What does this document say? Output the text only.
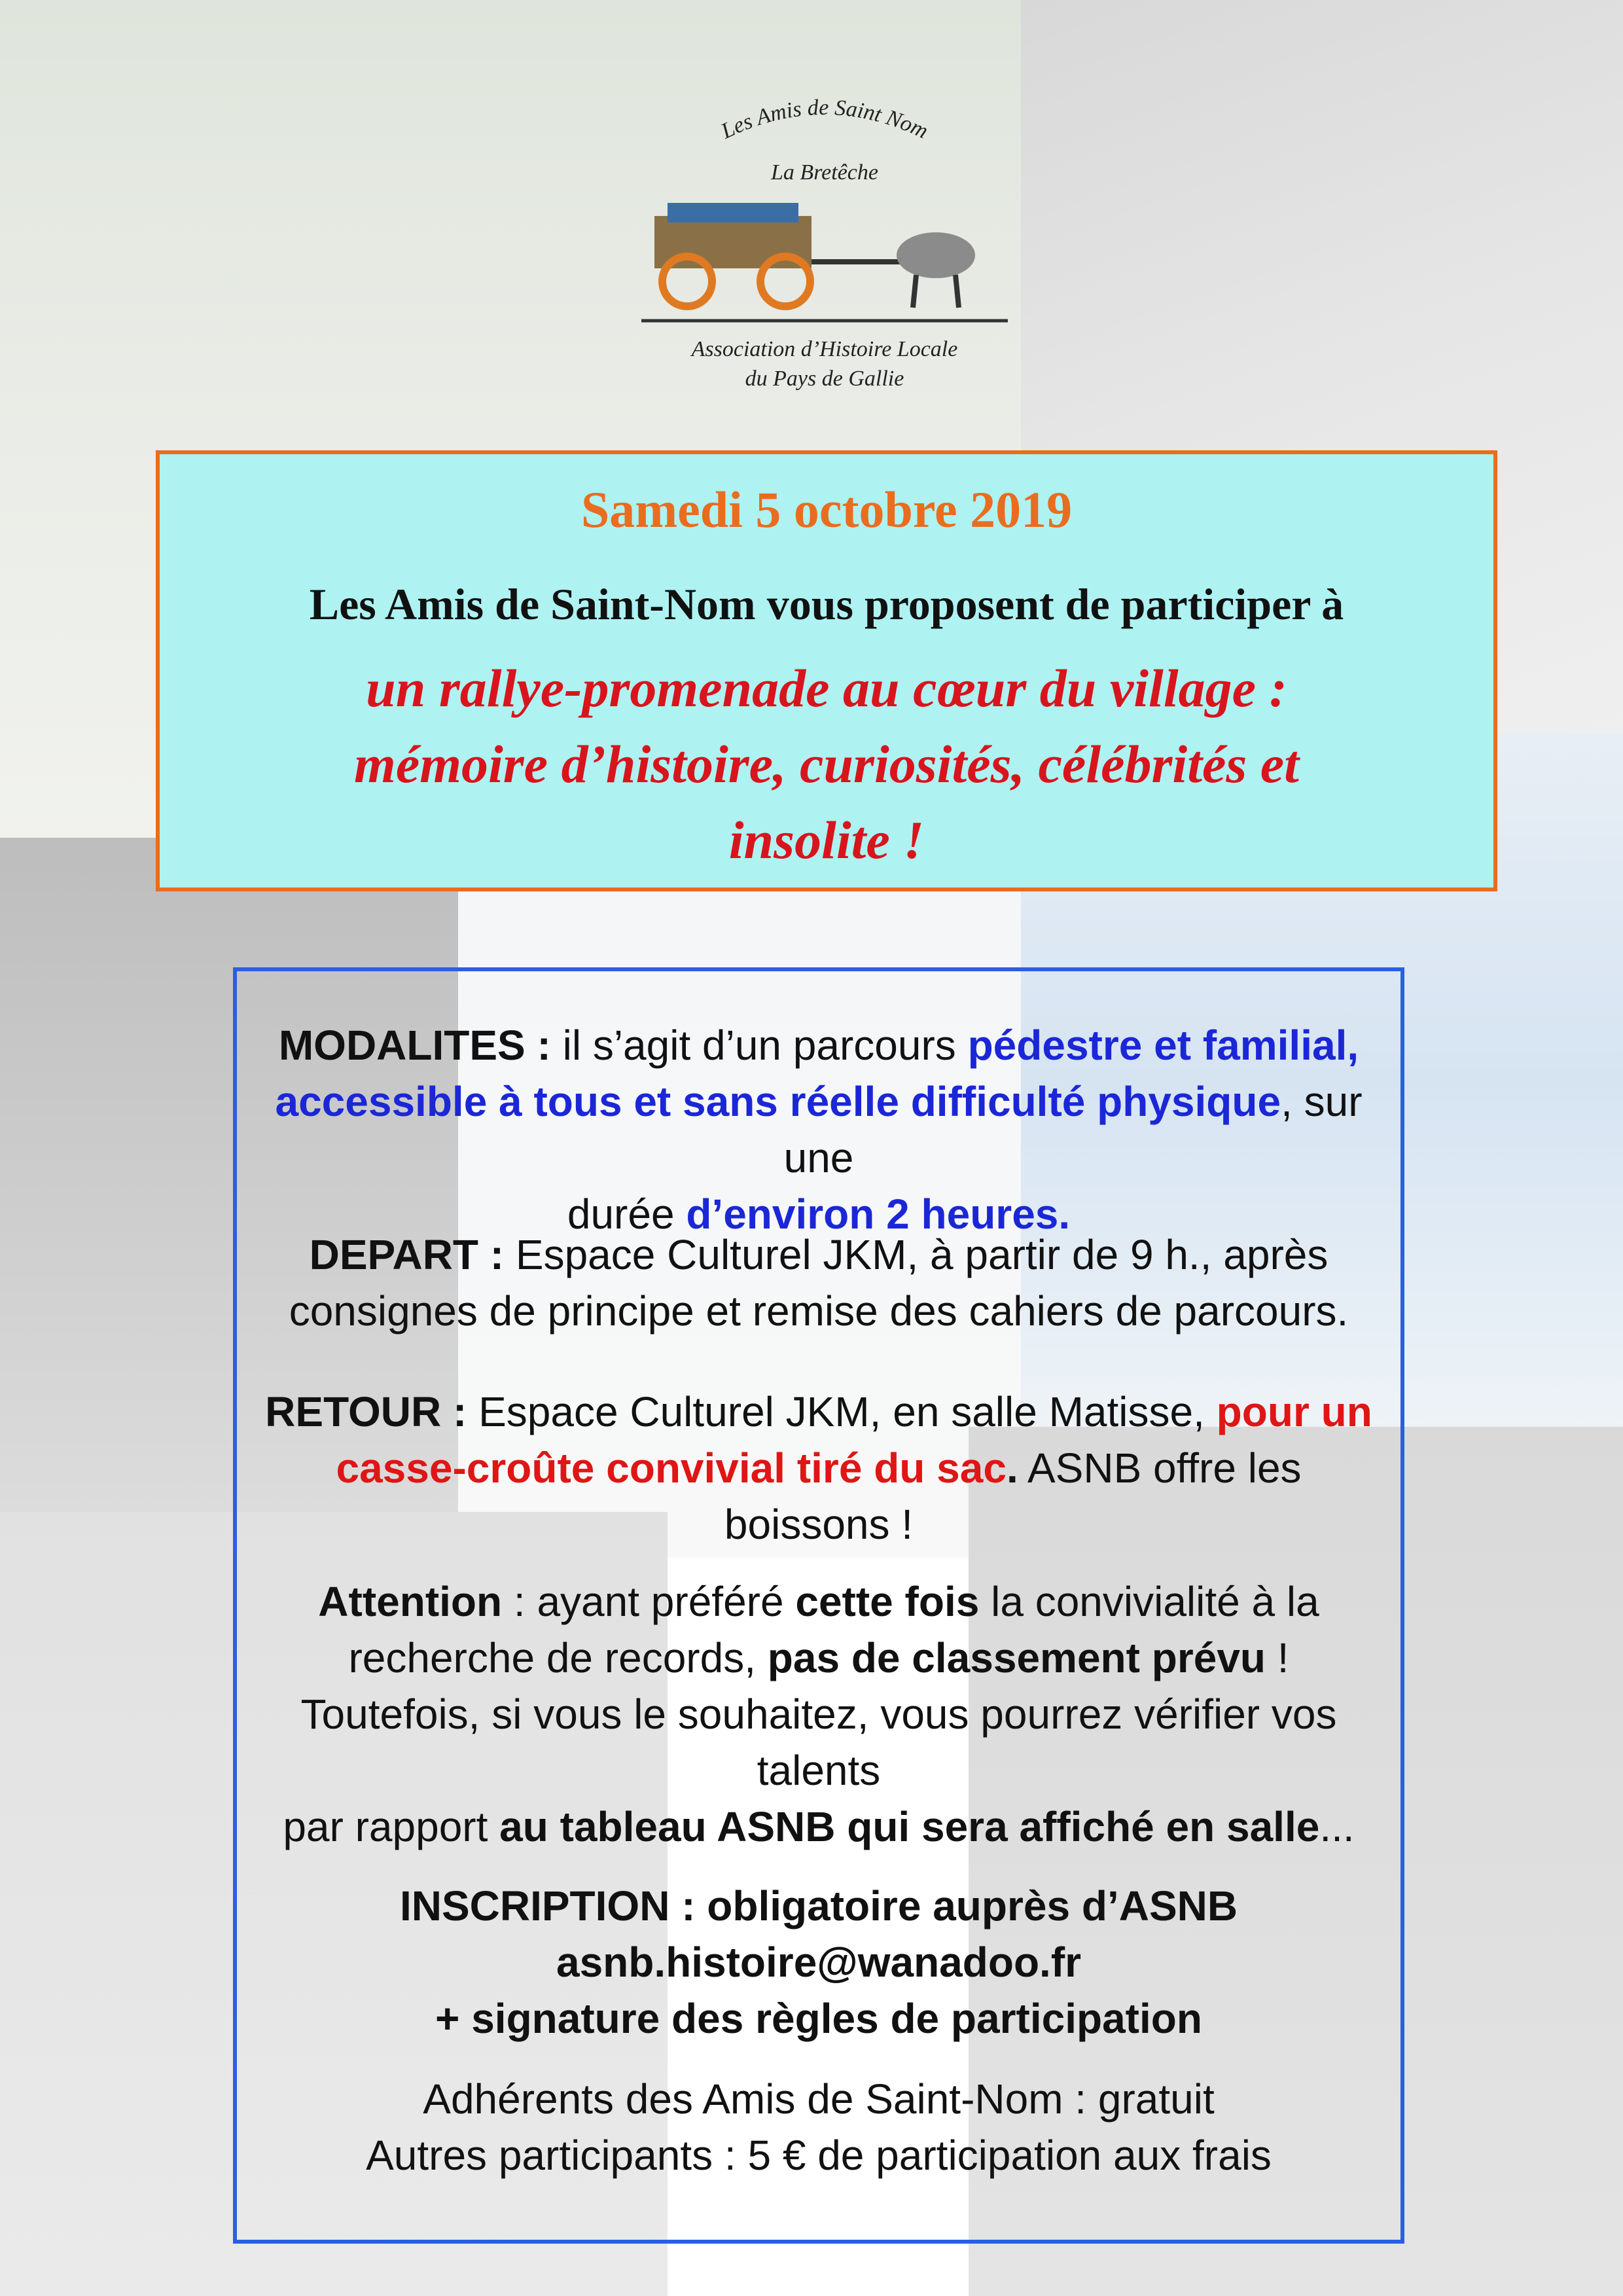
Les Amis de Saint Nom
La Bretêche
Association d’Histoire Locale
du Pays de Gallie
Samedi 5 octobre 2019
Les Amis de Saint-Nom vous proposent de participer à
un rallye-promenade au cœur du village :
mémoire d’histoire, curiosités, célébrités et
insolite !
MODALITES : il s’agit d’un parcours pédestre et familial,
accessible à tous et sans réelle difficulté physique, sur une
durée d’environ 2 heures.
DEPART : Espace Culturel JKM, à partir de 9 h., après
consignes de principe et remise des cahiers de parcours.
RETOUR : Espace Culturel JKM, en salle Matisse, pour un
casse-croûte convivial tiré du sac. ASNB offre les boissons !
Attention : ayant préféré cette fois la convivialité à la
recherche de records, pas de classement prévu !
Toutefois, si vous le souhaitez, vous pourrez vérifier vos talents
par rapport au tableau ASNB qui sera affiché en salle...
INSCRIPTION : obligatoire auprès d’ASNB
asnb.histoire@wanadoo.fr
+ signature des règles de participation
Adhérents des Amis de Saint-Nom : gratuit
Autres participants : 5 € de participation aux frais
